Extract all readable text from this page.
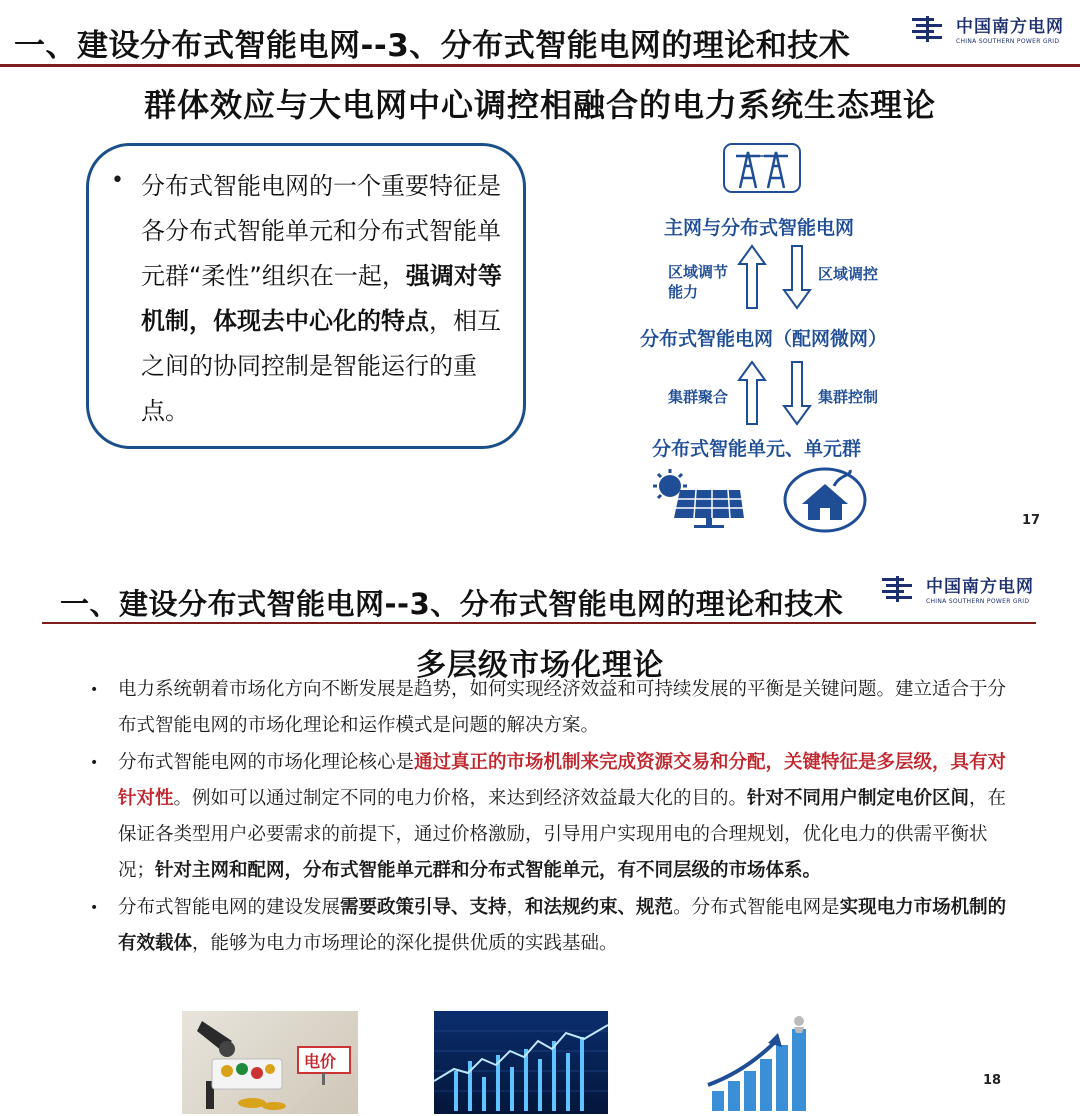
一、建设分布式智能电网--3、分布式智能电网的理论和技术
中国南方电网
CHINA SOUTHERN POWER GRID
群体效应与大电网中心调控相融合的电力系统生态理论
• 分布式智能电网的一个重要特征是各分布式智能单元和分布式智能单元群“柔性”组织在一起，强调对等机制，体现去中心化的特点，相互之间的协同控制是智能运行的重点。
主网与分布式智能电网
区域调节能力
区域调控
分布式智能电网（配网微网）
集群聚合	集群控制
分布式智能单元、单元群
17
一、建设分布式智能电网--3、分布式智能电网的理论和技术	中国南方电网
CHINA SOUTHERN POWER GRID
多层级市场化理论
• 电力系统朝着市场化方向不断发展是趋势，如何实现经济效益和可持续发展的平衡是关键问题。建立适合于分布式智能电网的市场化理论和运作模式是问题的解决方案。
• 分布式智能电网的市场化理论核心是通过真正的市场机制来完成资源交易和分配，关键特征是多层级，具有对针对性。例如可以通过制定不同的电力价格，来达到经济效益最大化的目的。针对不同用户制定电价区间，在保证各类型用户必要需求的前提下，通过价格激励，引导用户实现用电的合理规划，优化电力的供需平衡状况；针对主网和配网，分布式智能单元群和分布式智能单元，有不同层级的市场体系。
• 分布式智能电网的建设发展需要政策引导、支持，和法规约束、规范。分布式智能电网是实现电力市场机制的有效载体，能够为电力市场理论的深化提供优质的实践基础。
电价
18
